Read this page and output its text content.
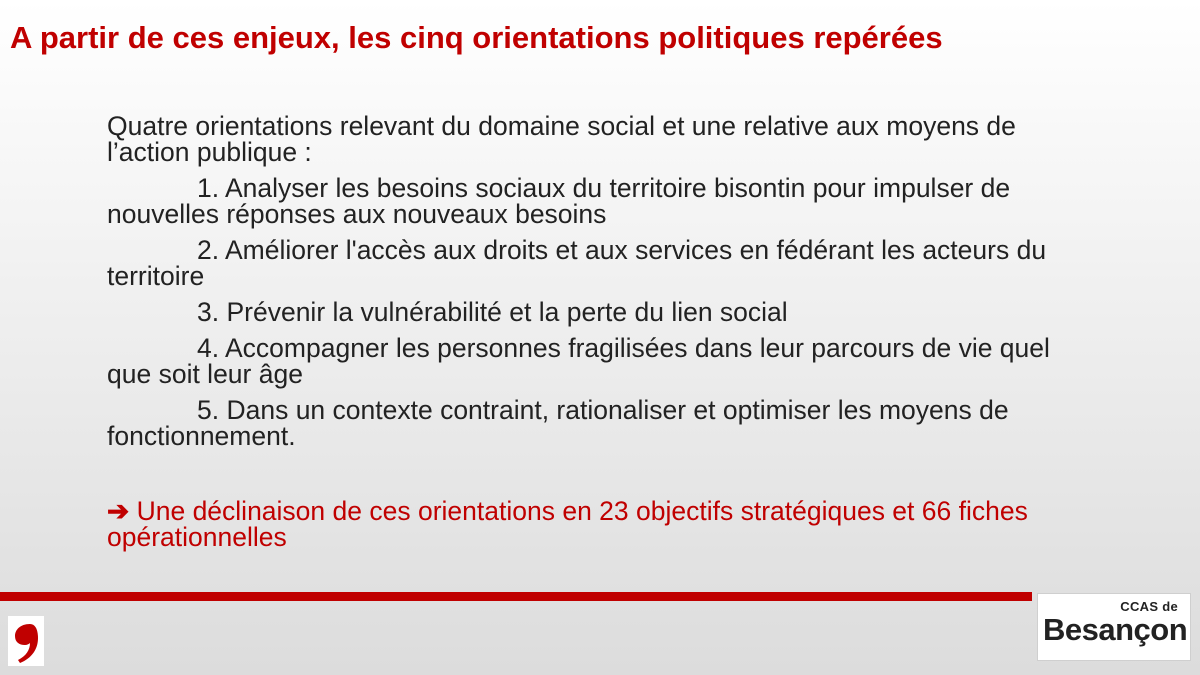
A partir de ces enjeux, les cinq orientations politiques repérées

Quatre orientations relevant du domaine social et une relative aux moyens de l’action publique :

1. Analyser les besoins sociaux du territoire bisontin pour impulser de nouvelles réponses aux nouveaux besoins

2. Améliorer l'accès aux droits et aux services en fédérant les acteurs du territoire

3. Prévenir la vulnérabilité et la perte du lien social

4. Accompagner les personnes fragilisées dans leur parcours de vie quel que soit leur âge

5. Dans un contexte contraint, rationaliser et optimiser les moyens de fonctionnement.

➔ Une déclinaison de ces orientations en 23 objectifs stratégiques et 66 fiches opérationnelles

CCAS de
Besançon
